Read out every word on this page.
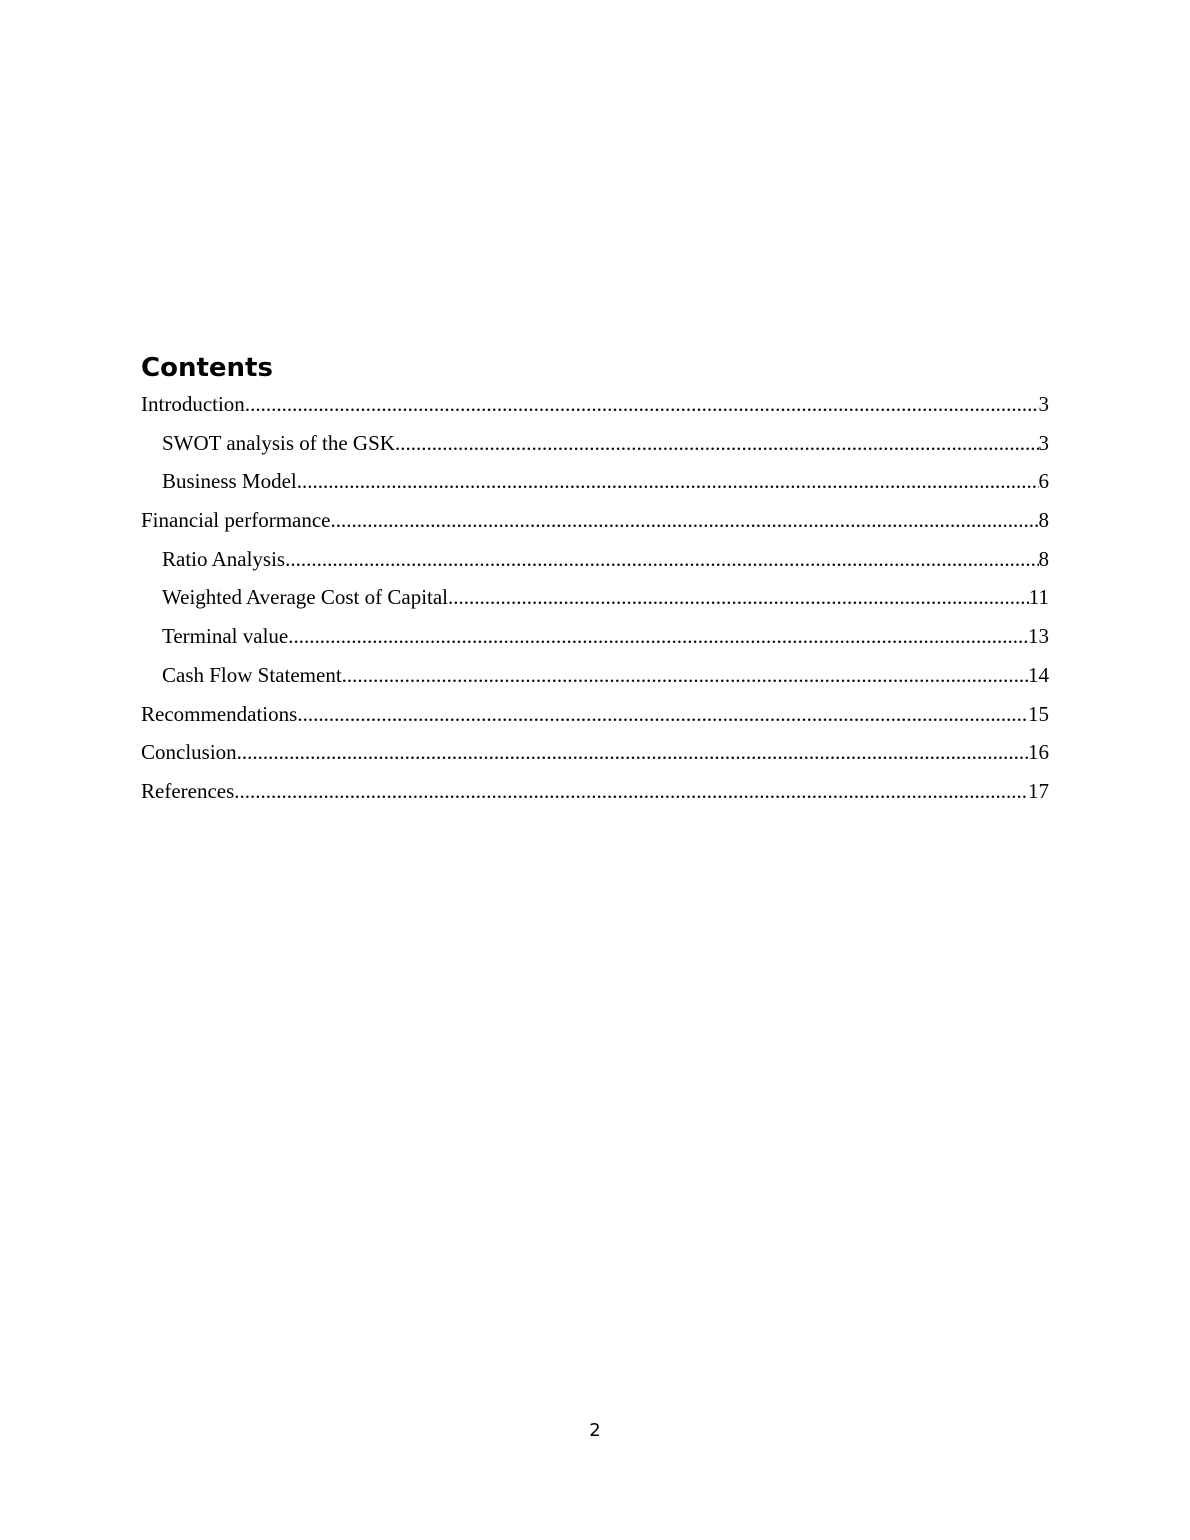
Contents
Introduction .....	3
SWOT analysis of the GSK .....	3
Business Model .....	6
Financial performance .....	8
Ratio Analysis .....	8
Weighted Average Cost of Capital .....	11
Terminal value .....	13
Cash Flow Statement .....	14
Recommendations .....	15
Conclusion .....	16
References .....	17
2
